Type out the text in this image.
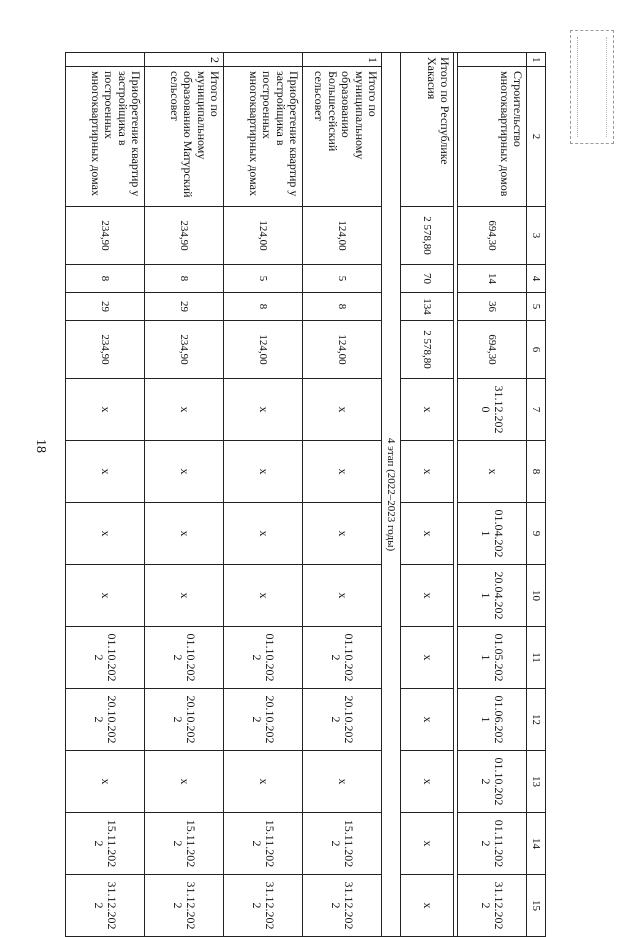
18
1	2	3	4	5	6	7	8	9	10	11	12	13	14	15
	Строительство многоквартирных домов	694,30	14	36	694,30	31.12.2020	x	01.04.2021	20.04.2021	01.05.2021	01.06.2021	01.10.2022	01.11.2022	31.12.2022

Итого по Республике Хакасия		2 578,80	70	134	2 578,80	x	x	x	x	x	x	x	x	x
4 этап (2022–2023 годы)														
1	Итого по муниципальному образованию Большесейский сельсовет	124,00	5	8	124,00	x	x	x	x	01.10.2022	20.10.2022	x	15.11.2022	31.12.2022
	Приобретение квартир у застройщика в построенных многоквартирных домах	124,00	5	8	124,00	x	x	x	x	01.10.2022	20.10.2022	x	15.11.2022	31.12.2022
2	Итого по муниципальному образованию Матурский сельсовет	234,90	8	29	234,90	x	x	x	x	01.10.2022	20.10.2022	x	15.11.2022	31.12.2022
	Приобретение квартир у застройщика в построенных многоквартирных домах	234,90	8	29	234,90	x	x	x	x	01.10.2022	20.10.2022	x	15.11.2022	31.12.2022
